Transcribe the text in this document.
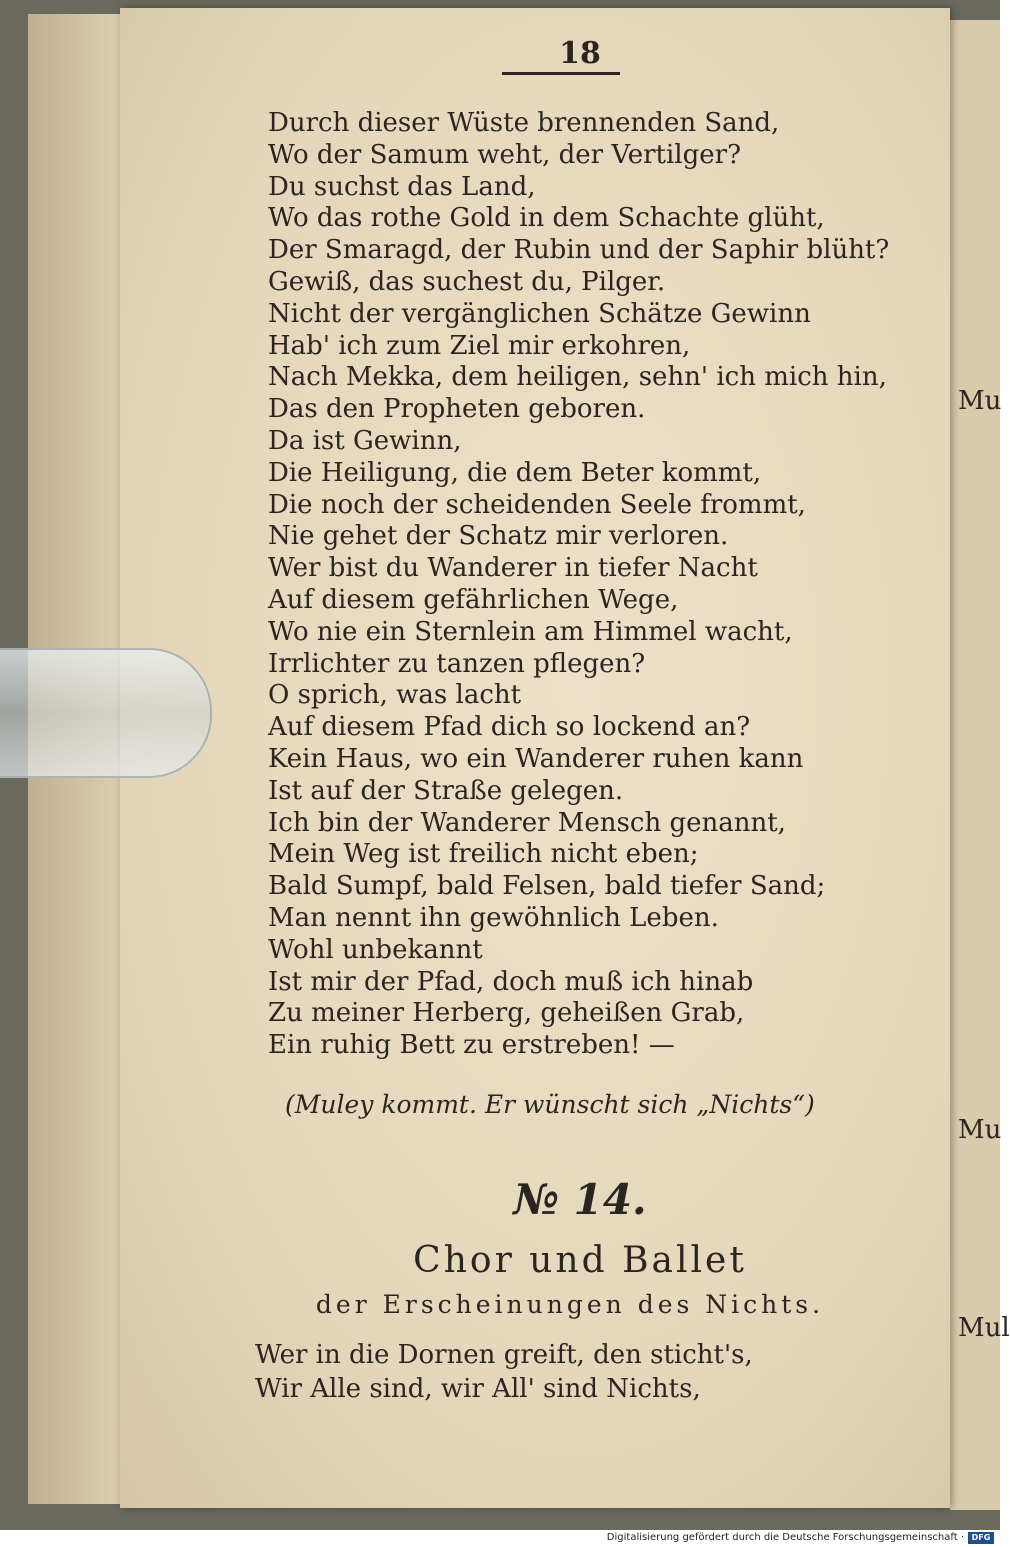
Mu
Mu
Mul
18
Durch dieser Wüste brennenden Sand,
Wo der Samum weht, der Vertilger?
Du suchst das Land,
Wo das rothe Gold in dem Schachte glüht,
Der Smaragd, der Rubin und der Saphir blüht?
Gewiß, das suchest du, Pilger.
Nicht der vergänglichen Schätze Gewinn
Hab' ich zum Ziel mir erkohren,
Nach Mekka, dem heiligen, sehn' ich mich hin,
Das den Propheten geboren.
Da ist Gewinn,
Die Heiligung, die dem Beter kommt,
Die noch der scheidenden Seele frommt,
Nie gehet der Schatz mir verloren.
Wer bist du Wanderer in tiefer Nacht
Auf diesem gefährlichen Wege,
Wo nie ein Sternlein am Himmel wacht,
Irrlichter zu tanzen pflegen?
O sprich, was lacht
Auf diesem Pfad dich so lockend an?
Kein Haus, wo ein Wanderer ruhen kann
Ist auf der Straße gelegen.
Ich bin der Wanderer Mensch genannt,
Mein Weg ist freilich nicht eben;
Bald Sumpf, bald Felsen, bald tiefer Sand;
Man nennt ihn gewöhnlich Leben.
Wohl unbekannt
Ist mir der Pfad, doch muß ich hinab
Zu meiner Herberg, geheißen Grab,
Ein ruhig Bett zu erstreben! —
(Muley kommt. Er wünscht sich „Nichts“)
№ 14.
Chor und Ballet
der Erscheinungen des Nichts.
Wer in die Dornen greift, den sticht's,
Wir Alle sind, wir All' sind Nichts,
Digitalisierung gefördert durch die Deutsche Forschungsgemeinschaft · DFG
